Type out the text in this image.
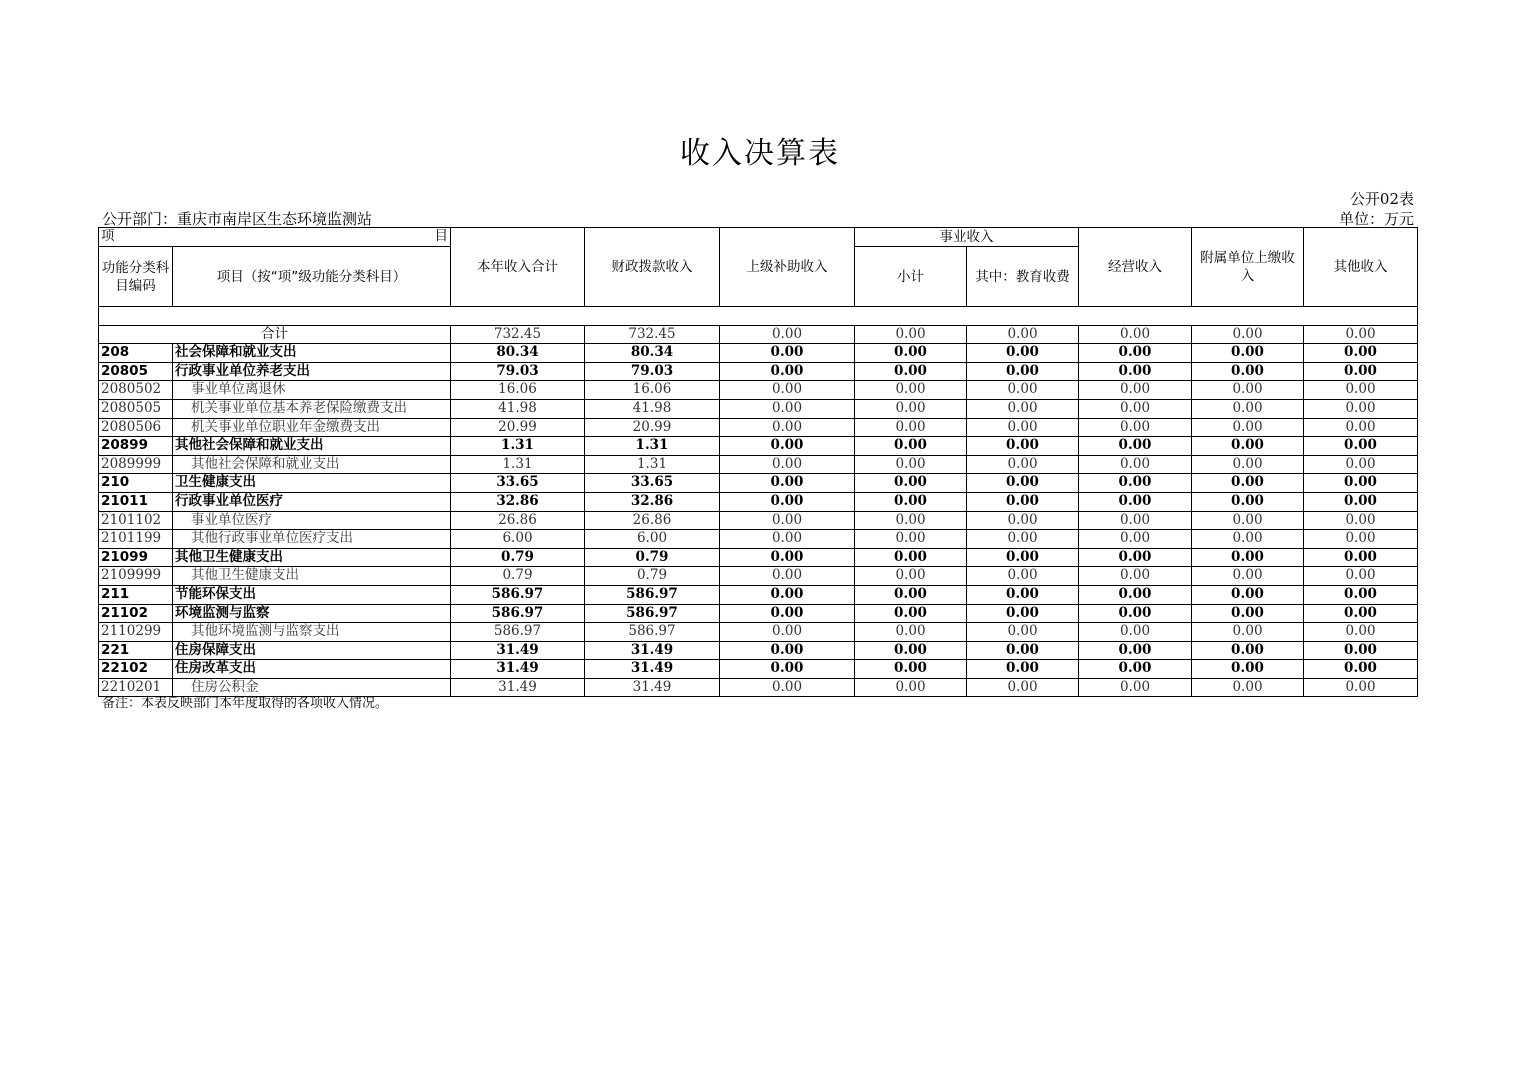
收入决算表
公开02表
公开部门：重庆市南岸区生态环境监测站	单位：万元
项 目		本年收入合计	财政拨款收入	上级补助收入	事业收入		经营收入	附属单位上缴收入	其他收入
功能分类科目编码	项目（按“项”级功能分类科目）				小计	其中：教育收费			

合计		732.45	732.45	0.00	0.00	0.00	0.00	0.00	0.00
208	社会保障和就业支出	80.34	80.34	0.00	0.00	0.00	0.00	0.00	0.00
20805	行政事业单位养老支出	79.03	79.03	0.00	0.00	0.00	0.00	0.00	0.00
2080502	事业单位离退休	16.06	16.06	0.00	0.00	0.00	0.00	0.00	0.00
2080505	机关事业单位基本养老保险缴费支出	41.98	41.98	0.00	0.00	0.00	0.00	0.00	0.00
2080506	机关事业单位职业年金缴费支出	20.99	20.99	0.00	0.00	0.00	0.00	0.00	0.00
20899	其他社会保障和就业支出	1.31	1.31	0.00	0.00	0.00	0.00	0.00	0.00
2089999	其他社会保障和就业支出	1.31	1.31	0.00	0.00	0.00	0.00	0.00	0.00
210	卫生健康支出	33.65	33.65	0.00	0.00	0.00	0.00	0.00	0.00
21011	行政事业单位医疗	32.86	32.86	0.00	0.00	0.00	0.00	0.00	0.00
2101102	事业单位医疗	26.86	26.86	0.00	0.00	0.00	0.00	0.00	0.00
2101199	其他行政事业单位医疗支出	6.00	6.00	0.00	0.00	0.00	0.00	0.00	0.00
21099	其他卫生健康支出	0.79	0.79	0.00	0.00	0.00	0.00	0.00	0.00
2109999	其他卫生健康支出	0.79	0.79	0.00	0.00	0.00	0.00	0.00	0.00
211	节能环保支出	586.97	586.97	0.00	0.00	0.00	0.00	0.00	0.00
21102	环境监测与监察	586.97	586.97	0.00	0.00	0.00	0.00	0.00	0.00
2110299	其他环境监测与监察支出	586.97	586.97	0.00	0.00	0.00	0.00	0.00	0.00
221	住房保障支出	31.49	31.49	0.00	0.00	0.00	0.00	0.00	0.00
22102	住房改革支出	31.49	31.49	0.00	0.00	0.00	0.00	0.00	0.00
2210201	住房公积金	31.49	31.49	0.00	0.00	0.00	0.00	0.00	0.00
备注：本表反映部门本年度取得的各项收入情况。
